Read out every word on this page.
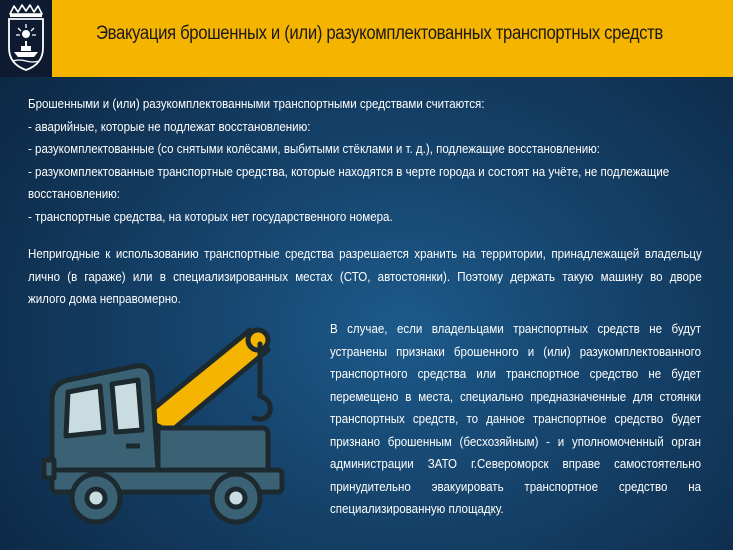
Эвакуация брошенных и (или) разукомплектованных транспортных средств
Брошенными и (или) разукомплектованными транспортными средствами считаются:
- аварийные, которые не подлежат восстановлению:
- разукомплектованные (со снятыми колёсами, выбитыми стёклами и т. д.), подлежащие восстановлению:
- разукомплектованные транспортные средства, которые находятся в черте города и состоят на учёте, не подлежащие
восстановлению:
- транспортные средства, на которых нет государственного номера.
Непригодные к использованию транспортные средства разрешается хранить на территории, принадлежащей владельцу
лично (в гараже) или в специализированных местах (СТО, автостоянки). Поэтому держать такую машину во дворе
жилого дома неправомерно.
В случае, если владельцами транспортных средств не будут
устранены признаки брошенного и (или) разукомплектованного
транспортного средства или транспортное средство не будет
перемещено в места, специально предназначенные для стоянки
транспортных средств, то данное транспортное средство будет
признано брошенным (бесхозяйным) - и уполномоченный орган
администрации ЗАТО г.Североморск вправе самостоятельно
принудительно эвакуировать транспортное средство на
специализированную площадку.
